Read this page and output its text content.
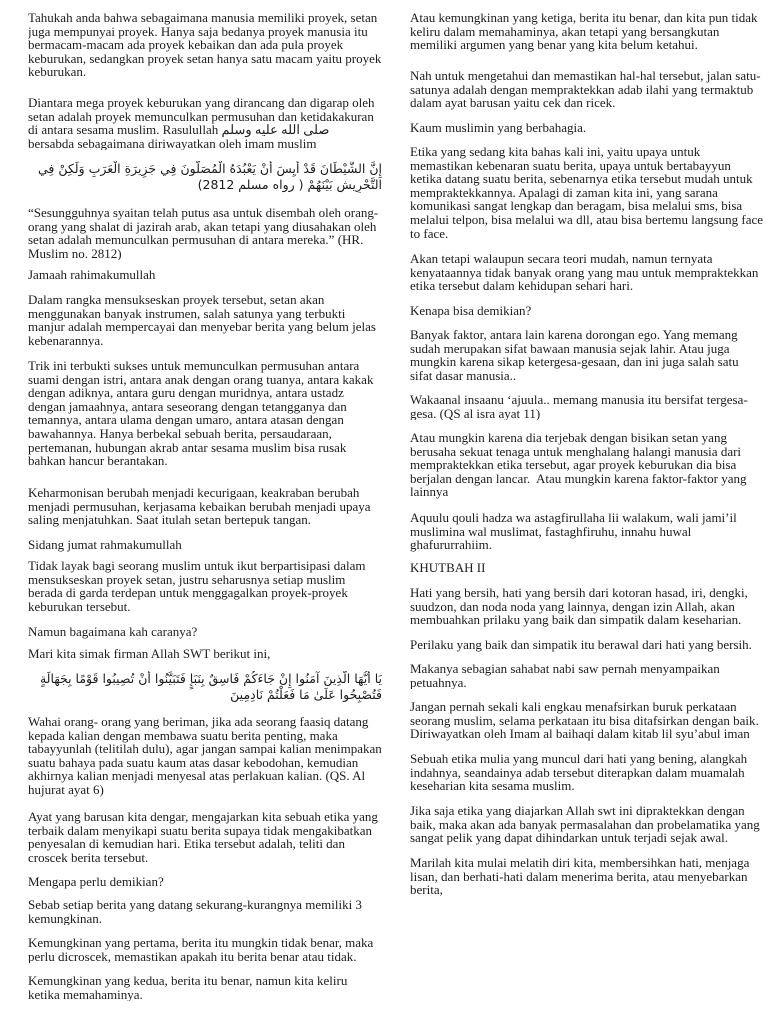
Tahukah anda bahwa sebagaimana manusia memiliki proyek, setan
juga mempunyai proyek. Hanya saja bedanya proyek manusia itu
bermacam-macam ada proyek kebaikan dan ada pula proyek
keburukan, sedangkan proyek setan hanya satu macam yaitu proyek
keburukan.
Diantara mega proyek keburukan yang dirancang dan digarap oleh
setan adalah proyek memunculkan permusuhan dan ketidakakuran
di antara sesama muslim. Rasulullah صلى الله عليه وسلم
bersabda sebagaimana diriwayatkan oleh imam muslim
إِنَّ الشَّيْطَانَ قَدْ أَيِسَ أَنْ يَعْبُدَهُ الْمُصَلُّونَ فِي جَزِيرَةِ الْعَرَبِ وَلَكِنْ فِي
التَّحْرِيشِ بَيْنَهُمْ ( رواه مسلم 2812)
“Sesungguhnya syaitan telah putus asa untuk disembah oleh orang-
orang yang shalat di jazirah arab, akan tetapi yang diusahakan oleh
setan adalah memunculkan permusuhan di antara mereka.” (HR.
Muslim no. 2812)
Jamaah rahimakumullah
Dalam rangka mensukseskan proyek tersebut, setan akan
menggunakan banyak instrumen, salah satunya yang terbukti
manjur adalah mempercayai dan menyebar berita yang belum jelas
kebenarannya.
Trik ini terbukti sukses untuk memunculkan permusuhan antara
suami dengan istri, antara anak dengan orang tuanya, antara kakak
dengan adiknya, antara guru dengan muridnya, antara ustadz
dengan jamaahnya, antara seseorang dengan tetangganya dan
temannya, antara ulama dengan umaro, antara atasan dengan
bawahannya. Hanya berbekal sebuah berita, persaudaraan,
pertemanan, hubungan akrab antar sesama muslim bisa rusak
bahkan hancur berantakan.
Keharmonisan berubah menjadi kecurigaan, keakraban berubah
menjadi permusuhan, kerjasama kebaikan berubah menjadi upaya
saling menjatuhkan. Saat itulah setan bertepuk tangan.
Sidang jumat rahmakumullah
Tidak layak bagi seorang muslim untuk ikut berpartisipasi dalam
mensukseskan proyek setan, justru seharusnya setiap muslim
berada di garda terdepan untuk menggagalkan proyek-proyek
keburukan tersebut.
Namun bagaimana kah caranya?
Mari kita simak firman Allah SWT berikut ini,
يَا أَيُّهَا الَّذِينَ آمَنُوا إِنْ جَاءَكُمْ فَاسِقٌ بِنَبَإٍ فَتَبَيَّنُوا أَنْ تُصِيبُوا قَوْمًا بِجَهَالَةٍ
فَتُصْبِحُوا عَلَىٰ مَا فَعَلْتُمْ نَادِمِينَ
Wahai orang- orang yang beriman, jika ada seorang faasiq datang
kepada kalian dengan membawa suatu berita penting, maka
tabayyunlah (telitilah dulu), agar jangan sampai kalian menimpakan
suatu bahaya pada suatu kaum atas dasar kebodohan, kemudian
akhirnya kalian menjadi menyesal atas perlakuan kalian. (QS. Al
hujurat ayat 6)
Ayat yang barusan kita dengar, mengajarkan kita sebuah etika yang
terbaik dalam menyikapi suatu berita supaya tidak mengakibatkan
penyesalan di kemudian hari. Etika tersebut adalah, teliti dan
croscek berita tersebut.
Mengapa perlu demikian?
Sebab setiap berita yang datang sekurang-kurangnya memiliki 3
kemungkinan.
Kemungkinan yang pertama, berita itu mungkin tidak benar, maka
perlu dicroscek, memastikan apakah itu berita benar atau tidak.
Kemungkinan yang kedua, berita itu benar, namun kita keliru
ketika memahaminya.
Atau kemungkinan yang ketiga, berita itu benar, dan kita pun tidak
keliru dalam memahaminya, akan tetapi yang bersangkutan
memiliki argumen yang benar yang kita belum ketahui.
Nah untuk mengetahui dan memastikan hal-hal tersebut, jalan satu-
satunya adalah dengan mempraktekkan adab ilahi yang termaktub
dalam ayat barusan yaitu cek dan ricek.
Kaum muslimin yang berbahagia.
Etika yang sedang kita bahas kali ini, yaitu upaya untuk
memastikan kebenaran suatu berita, upaya untuk bertabayyun
ketika datang suatu berita, sebenarnya etika tersebut mudah untuk
mempraktekkannya. Apalagi di zaman kita ini, yang sarana
komunikasi sangat lengkap dan beragam, bisa melalui sms, bisa
melalui telpon, bisa melalui wa dll, atau bisa bertemu langsung face
to face.
Akan tetapi walaupun secara teori mudah, namun ternyata
kenyataannya tidak banyak orang yang mau untuk mempraktekkan
etika tersebut dalam kehidupan sehari hari.
Kenapa bisa demikian?
Banyak faktor, antara lain karena dorongan ego. Yang memang
sudah merupakan sifat bawaan manusia sejak lahir. Atau juga
mungkin karena sikap ketergesa-gesaan, dan ini juga salah satu
sifat dasar manusia..
Wakaanal insaanu ‘ajuula.. memang manusia itu bersifat tergesa-
gesa. (QS al isra ayat 11)
Atau mungkin karena dia terjebak dengan bisikan setan yang
berusaha sekuat tenaga untuk menghalang halangi manusia dari
mempraktekkan etika tersebut, agar proyek keburukan dia bisa
berjalan dengan lancar.  Atau mungkin karena faktor-faktor yang
lainnya
Aquulu qouli hadza wa astagfirullaha lii walakum, wali jami’il
muslimina wal muslimat, fastaghfiruhu, innahu huwal
ghafururrahiim.
KHUTBAH II
Hati yang bersih, hati yang bersih dari kotoran hasad, iri, dengki,
suudzon, dan noda noda yang lainnya, dengan izin Allah, akan
membuahkan prilaku yang baik dan simpatik dalam keseharian.
Perilaku yang baik dan simpatik itu berawal dari hati yang bersih.
Makanya sebagian sahabat nabi saw pernah menyampaikan
petuahnya.
Jangan pernah sekali kali engkau menafsirkan buruk perkataan
seorang muslim, selama perkataan itu bisa ditafsirkan dengan baik.
Diriwayatkan oleh Imam al baihaqi dalam kitab lil syu’abul iman
Sebuah etika mulia yang muncul dari hati yang bening, alangkah
indahnya, seandainya adab tersebut diterapkan dalam muamalah
keseharian kita sesama muslim.
Jika saja etika yang diajarkan Allah swt ini dipraktekkan dengan
baik, maka akan ada banyak permasalahan dan probelamatika yang
sangat pelik yang dapat dihindarkan untuk terjadi sejak awal.
Marilah kita mulai melatih diri kita, membersihkan hati, menjaga
lisan, dan berhati-hati dalam menerima berita, atau menyebarkan
berita,
